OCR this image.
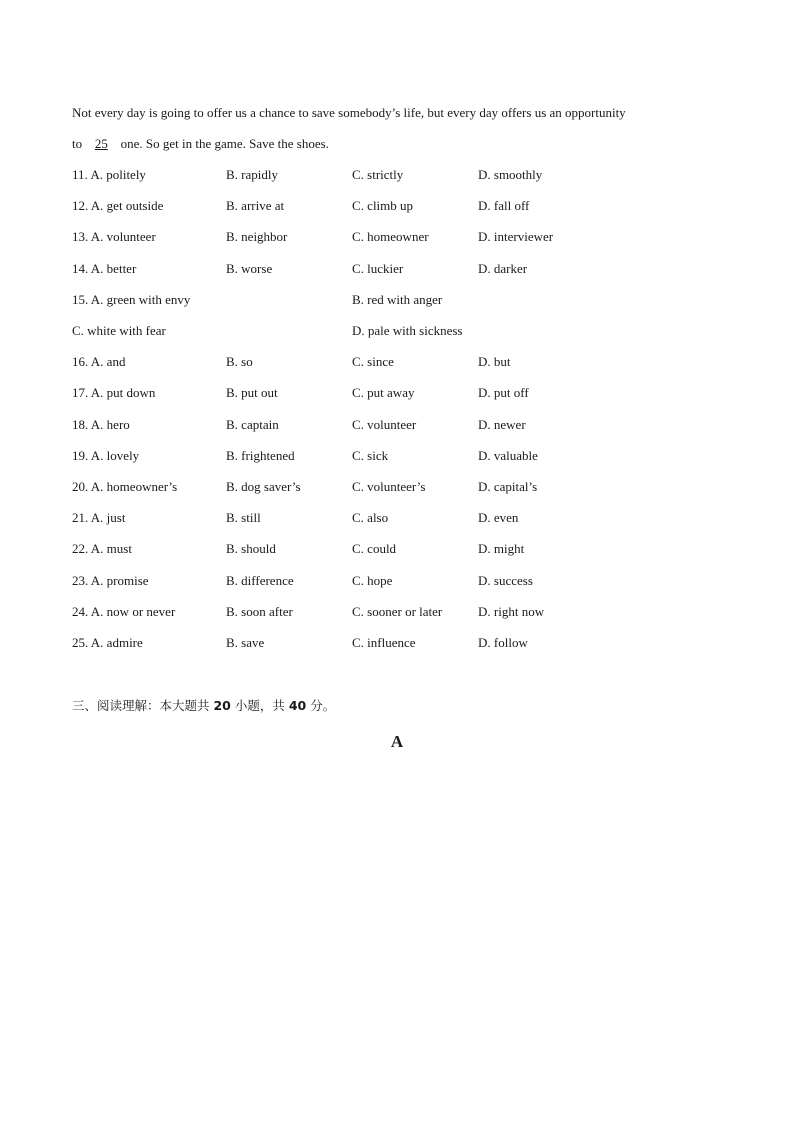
Not every day is going to offer us a chance to save somebody’s life, but every day offers us an opportunity
to 25 one. So get in the game. Save the shoes.
11. A. politely	B. rapidly	C. strictly	D. smoothly
12. A. get outside	B. arrive at	C. climb up	D. fall off
13. A. volunteer	B. neighbor	C. homeowner	D. interviewer
14. A. better	B. worse	C. luckier	D. darker
15. A. green with envy	B. red with anger
C. white with fear	D. pale with sickness
16. A. and	B. so	C. since	D. but
17. A. put down	B. put out	C. put away	D. put off
18. A. hero	B. captain	C. volunteer	D. newer
19. A. lovely	B. frightened	C. sick	D. valuable
20. A. homeowner’s	B. dog saver’s	C. volunteer’s	D. capital’s
21. A. just	B. still	C. also	D. even
22. A. must	B. should	C. could	D. might
23. A. promise	B. difference	C. hope	D. success
24. A. now or never	B. soon after	C. sooner or later	D. right now
25. A. admire	B. save	C. influence	D. follow
三、阅读理解：本大题共 20 小题，共 40 分。
A
